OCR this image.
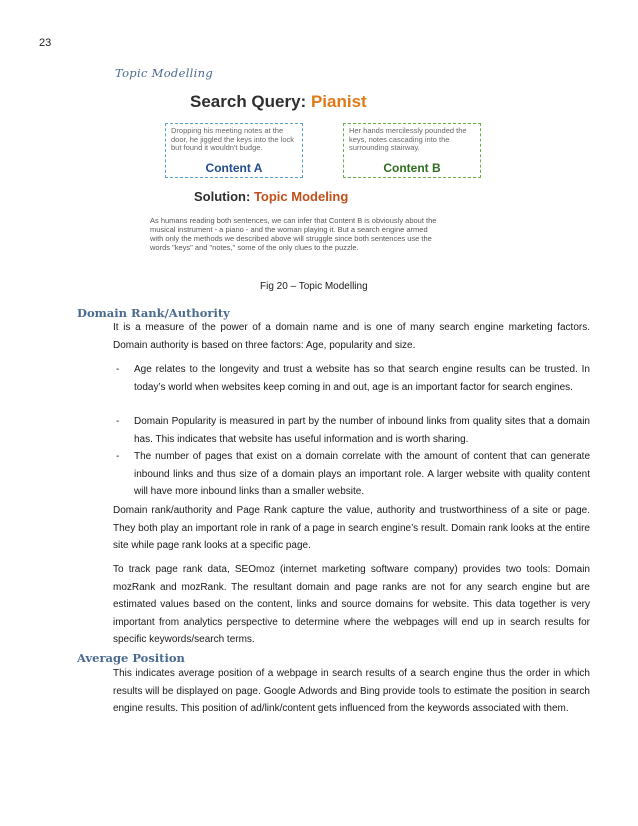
23
Topic Modelling
Search Query: Pianist

Dropping his meeting notes at the door, he jiggled the keys into the lock but found it wouldn't budge.

Content A

Her hands mercilessly pounded the keys, notes cascading into the surrounding stairway.

Content B
Solution: Topic Modeling

As humans reading both sentences, we can infer that Content B is obviously about the musical instrument - a piano - and the woman playing it. But a search engine armed with only the methods we described above will struggle since both sentences use the words "keys" and "notes," some of the only clues to the puzzle.

Fig 20 – Topic Modelling
Domain Rank/Authority

It is a measure of the power of a domain name and is one of many search engine marketing factors. Domain authority is based on three factors: Age, popularity and size.

- Age relates to the longevity and trust a website has so that search engine results can be trusted. In today’s world when websites keep coming in and out, age is an important factor for search engines.
- Domain Popularity is measured in part by the number of inbound links from quality sites that a domain has. This indicates that website has useful information and is worth sharing.
- The number of pages that exist on a domain correlate with the amount of content that can generate inbound links and thus size of a domain plays an important role. A larger website with quality content will have more inbound links than a smaller website.

Domain rank/authority and Page Rank capture the value, authority and trustworthiness of a site or page. They both play an important role in rank of a page in search engine’s result. Domain rank looks at the entire site while page rank looks at a specific page.

To track page rank data, SEOmoz (internet marketing software company) provides two tools: Domain mozRank and mozRank. The resultant domain and page ranks are not for any search engine but are estimated values based on the content, links and source domains for website. This data together is very important from analytics perspective to determine where the webpages will end up in search results for specific keywords/search terms.

Average Position

This indicates average position of a webpage in search results of a search engine thus the order in which results will be displayed on page. Google Adwords and Bing provide tools to estimate the position in search engine results. This position of ad/link/content gets influenced from the keywords associated with them.
